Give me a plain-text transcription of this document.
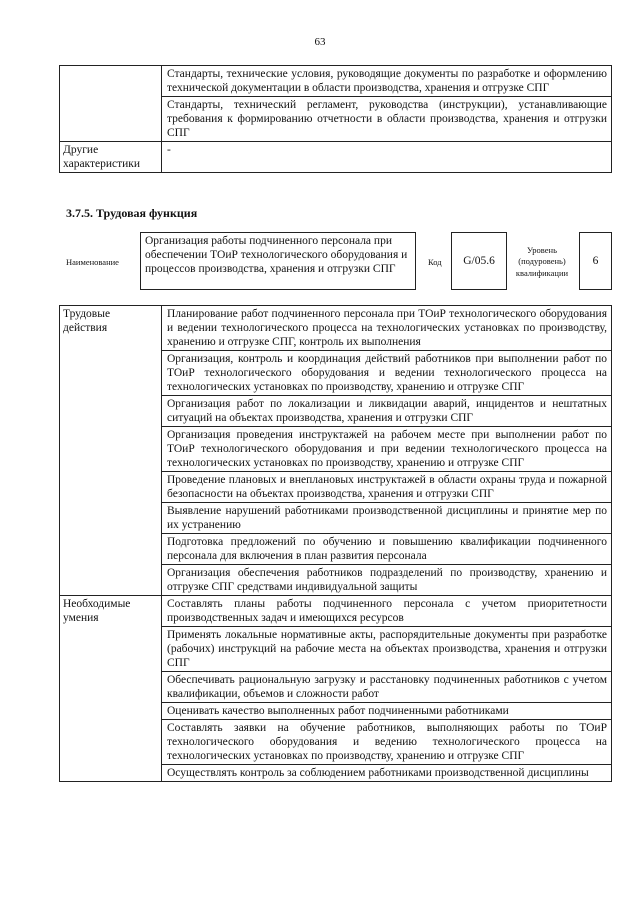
63
	Стандарты, технические условия, руководящие документы по разработке и оформлению технической документации в области производства, хранения и отгрузке СПГ
	Стандарты, технический регламент, руководства (инструкции), устанавливающие требования к формированию отчетности в области производства, хранения и отгрузки СПГ
Другие характеристики	-
3.7.5. Трудовая функция
Наименование
Организация работы подчиненного персонала при обеспечении ТОиР технологического оборудования и процессов производства, хранения и отгрузки СПГ
Код	G/05.6
Уровень (подуровень) квалификации
6
Трудовые действия	Планирование работ подчиненного персонала при ТОиР технологического оборудования и ведении технологического процесса на технологических установках по производству, хранению и отгрузке СПГ, контроль их выполнения
	Организация, контроль и координация действий работников при выполнении работ по ТОиР технологического оборудования и ведении технологического процесса на технологических установках по производству, хранению и отгрузке СПГ
	Организация работ по локализации и ликвидации аварий, инцидентов и нештатных ситуаций на объектах производства, хранения и отгрузки СПГ
	Организация проведения инструктажей на рабочем месте при выполнении работ по ТОиР технологического оборудования и при ведении технологического процесса на технологических установках по производству, хранению и отгрузке СПГ
	Проведение плановых и внеплановых инструктажей в области охраны труда и пожарной безопасности на объектах производства, хранения и отгрузки СПГ
	Выявление нарушений работниками производственной дисциплины и принятие мер по их устранению
	Подготовка предложений по обучению и повышению квалификации подчиненного персонала для включения в план развития персонала
	Организация обеспечения работников подразделений по производству, хранению и отгрузке СПГ средствами индивидуальной защиты
Необходимые умения	Составлять планы работы подчиненного персонала с учетом приоритетности производственных задач и имеющихся ресурсов
	Применять локальные нормативные акты, распорядительные документы при разработке (рабочих) инструкций на рабочие места на объектах производства, хранения и отгрузки СПГ
	Обеспечивать рациональную загрузку и расстановку подчиненных работников с учетом квалификации, объемов и сложности работ
	Оценивать качество выполненных работ подчиненными работниками
	Составлять заявки на обучение работников, выполняющих работы по ТОиР технологического оборудования и ведению технологического процесса на технологических установках по производству, хранению и отгрузке СПГ
	Осуществлять контроль за соблюдением работниками производственной дисциплины
